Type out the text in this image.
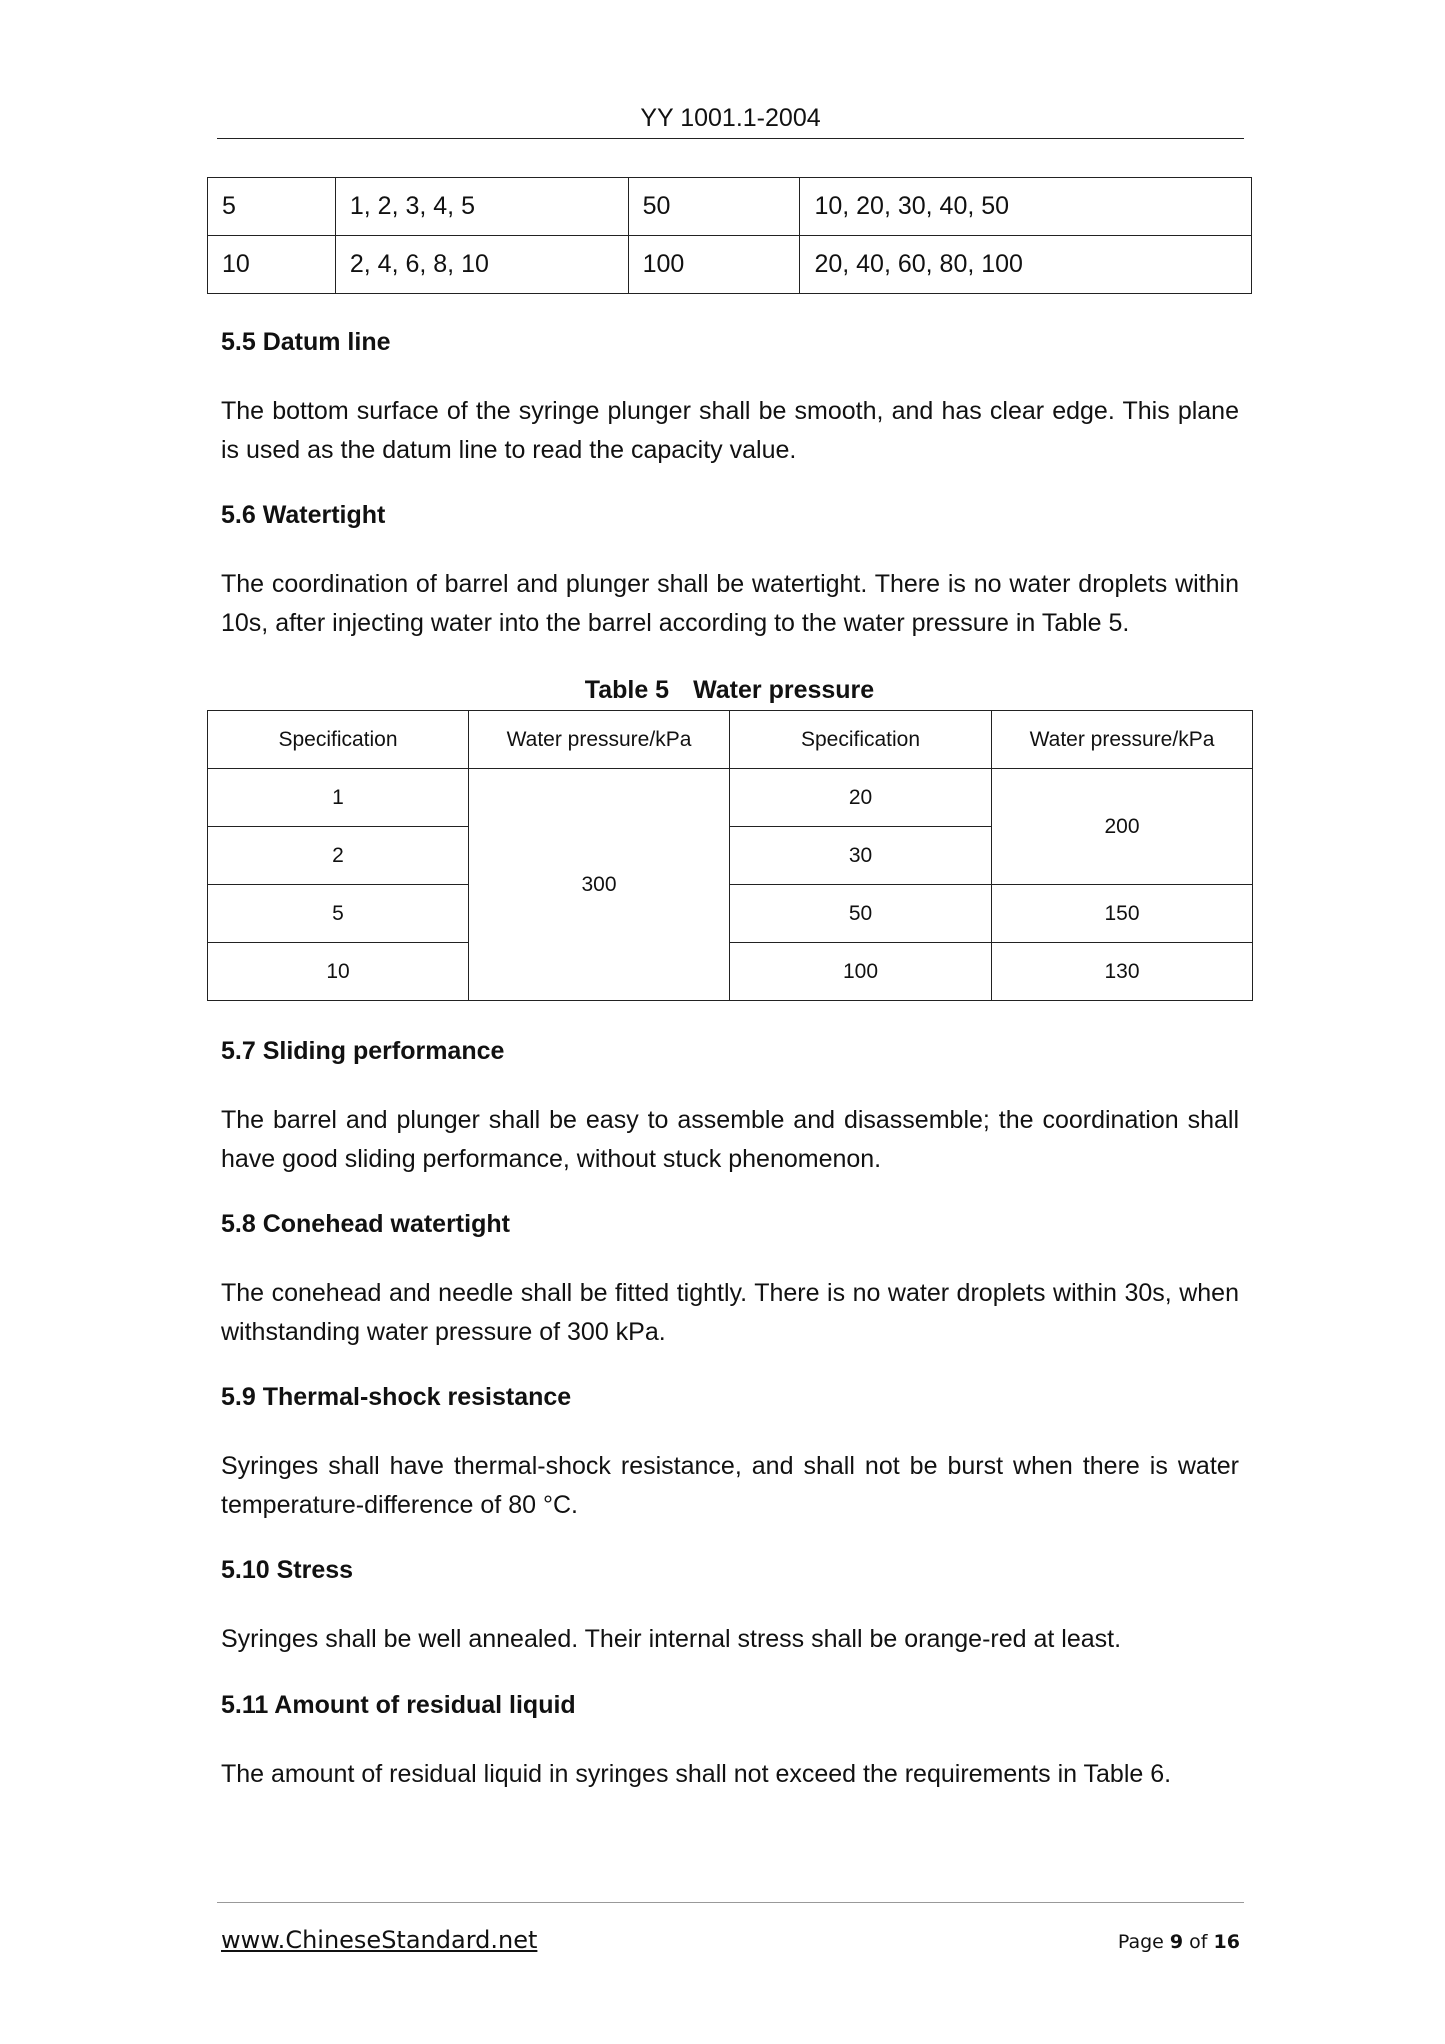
YY 1001.1-2004
5	1, 2, 3, 4, 5	50	10, 20, 30, 40, 50
10	2, 4, 6, 8, 10	100	20, 40, 60, 80, 100
5.5 Datum line
The bottom surface of the syringe plunger shall be smooth, and has clear edge. This plane is used as the datum line to read the capacity value.
5.6 Watertight
The coordination of barrel and plunger shall be watertight. There is no water droplets within 10s, after injecting water into the barrel according to the water pressure in Table 5.
Table 5 Water pressure
Specification	Water pressure/kPa	Specification	Water pressure/kPa
1	300	20	200
2		30	
5		50	150
10		100	130
5.7 Sliding performance
The barrel and plunger shall be easy to assemble and disassemble; the coordination shall have good sliding performance, without stuck phenomenon.
5.8 Conehead watertight
The conehead and needle shall be fitted tightly. There is no water droplets within 30s, when withstanding water pressure of 300 kPa.
5.9 Thermal-shock resistance
Syringes shall have thermal-shock resistance, and shall not be burst when there is water temperature-difference of 80 °C.
5.10 Stress
Syringes shall be well annealed. Their internal stress shall be orange-red at least.
5.11 Amount of residual liquid
The amount of residual liquid in syringes shall not exceed the requirements in Table 6.
www.ChineseStandard.net	Page 9 of 16
